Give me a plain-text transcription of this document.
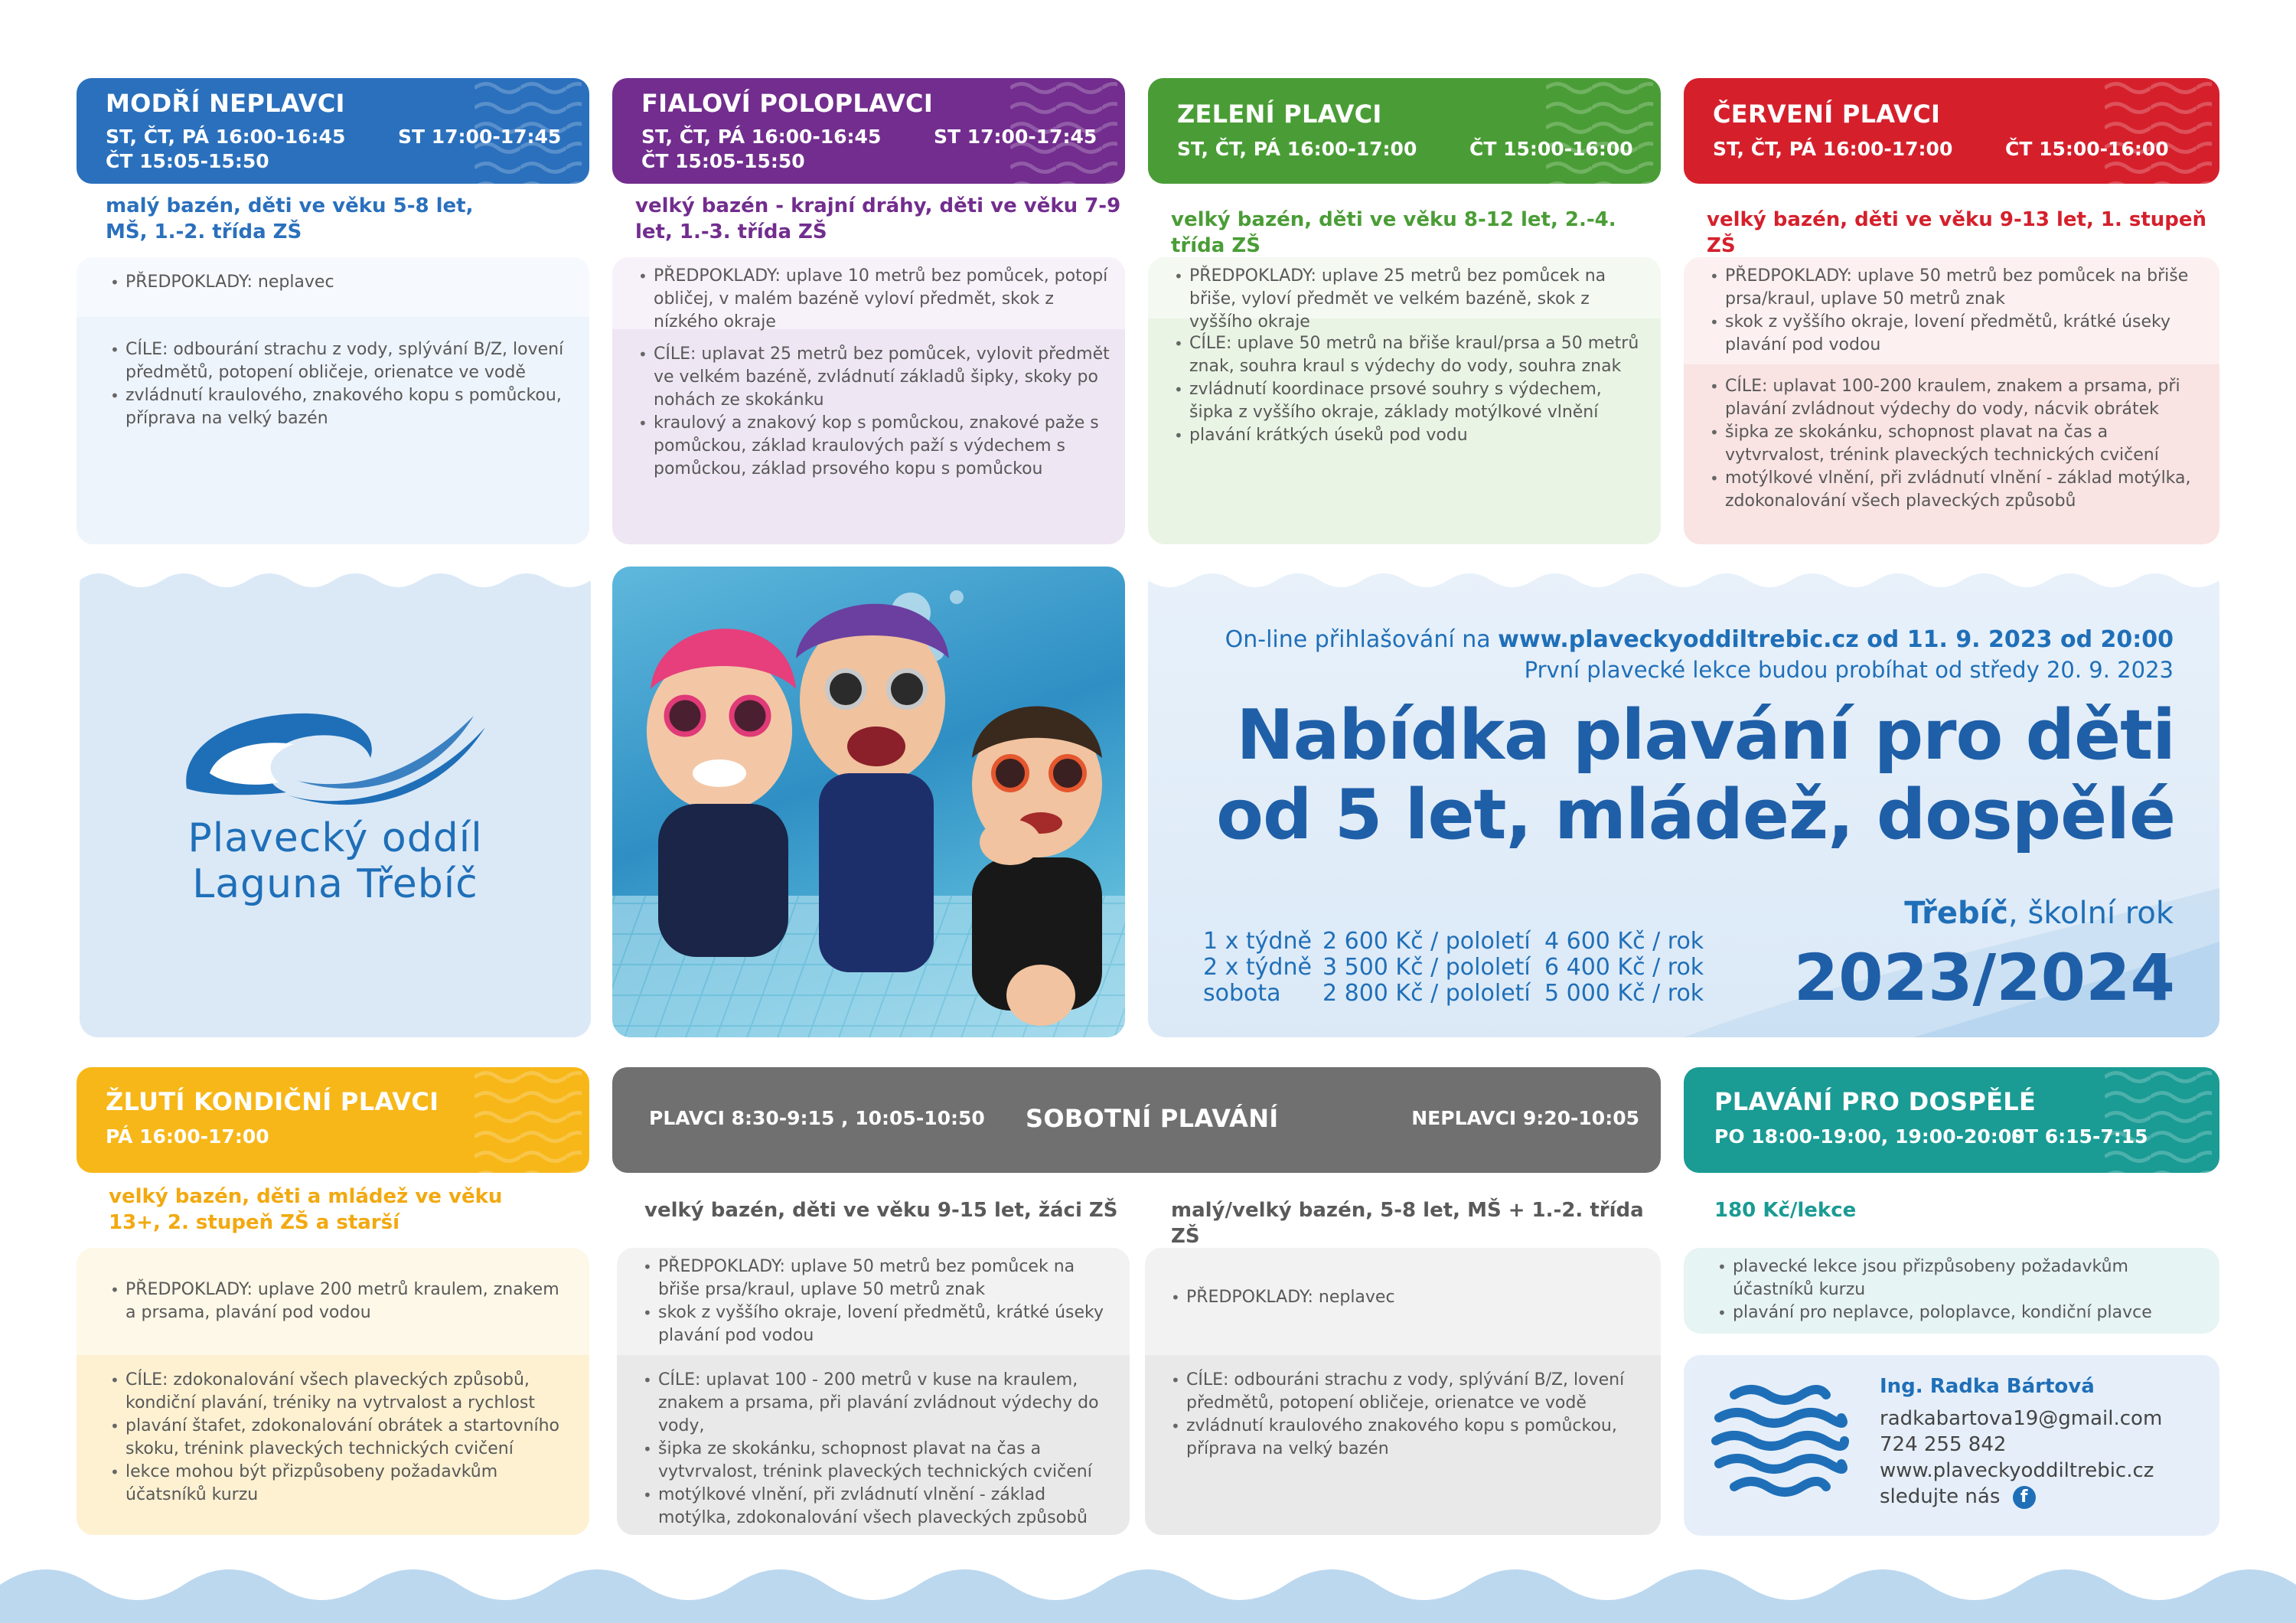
MODŘÍ NEPLAVCI
ST, ČT, PÁ 16:00-16:45
ČT 15:05-15:50
ST 17:00-17:45
malý bazén, děti ve věku 5-8 let, MŠ, 1.-2. třída ZŠ
• PŘEDPOKLADY: neplavec
• CÍLE: odbourání strachu z vody, splývání B/Z, lovení předmětů, potopení obličeje, orienatce ve vodě
• zvládnutí kraulového, znakového kopu s pomůckou, příprava na velký bazén
FIALOVÍ POLOPLAVCI
ST, ČT, PÁ 16:00-16:45
ČT 15:05-15:50
ST 17:00-17:45
velký bazén - krajní dráhy, děti ve věku 7-9 let, 1.-3. třída ZŠ
• PŘEDPOKLADY: uplave 10 metrů bez pomůcek, potopí obličej, v malém bazéně vyloví předmět, skok z nízkého okraje
• CÍLE: uplavat 25 metrů bez pomůcek, vylovit předmět ve velkém bazéně, zvládnutí základů šipky, skoky po nohách ze skokánku
• kraulový a znakový kop s pomůckou, znakové paže s pomůckou, základ kraulových paží s výdechem s pomůckou, základ prsového kopu s pomůckou
ZELENÍ PLAVCI
ST, ČT, PÁ 16:00-17:00	ČT 15:00-16:00
velký bazén, děti ve věku 8-12 let, 2.-4. třída ZŠ
• PŘEDPOKLADY: uplave 25 metrů bez pomůcek na břiše, vyloví předmět ve velkém bazéně, skok z vyššího okraje
• CÍLE: uplave 50 metrů na břiše kraul/prsa a 50 metrů znak, souhra kraul s výdechy do vody, souhra znak
• zvládnutí koordinace prsové souhry s výdechem, šipka z vyššího okraje, základy motýlkové vlnění
• plavání krátkých úseků pod vodu
ČERVENÍ PLAVCI
ST, ČT, PÁ 16:00-17:00	ČT 15:00-16:00
velký bazén, děti ve věku 9-13 let, 1. stupeň ZŠ
• PŘEDPOKLADY: uplave 50 metrů bez pomůcek na břiše prsa/kraul, uplave 50 metrů znak
• skok z vyššího okraje, lovení předmětů, krátké úseky plavání pod vodou
• CÍLE: uplavat 100-200 kraulem, znakem a prsama, při plavání zvládnout výdechy do vody, nácvik obrátek
• šipka ze skokánku, schopnost plavat na čas a vytvrvalost, trénink plaveckých technických cvičení
• motýlkové vlnění, při zvládnutí vlnění - základ motýlka, zdokonalování všech plaveckých způsobů
Plavecký oddíl
Laguna Třebíč
On-line přihlašování na www.plaveckyoddiltrebic.cz od 11. 9. 2023 od 20:00
První plavecké lekce budou probíhat od středy 20. 9. 2023
Nabídka plavání pro děti
od 5 let, mládež, dospělé
Třebíč, školní rok
2023/2024
1 x týdně 2 600 Kč / pololetí 4 600 Kč / rok
2 x týdně 3 500 Kč / pololetí 6 400 Kč / rok
sobota 2 800 Kč / pololetí 5 000 Kč / rok
ŽLUTÍ KONDIČNÍ PLAVCI
PÁ 16:00-17:00
velký bazén, děti a mládež ve věku 13+, 2. stupeň ZŠ a starší
• PŘEDPOKLADY: uplave 200 metrů kraulem, znakem a prsama, plavání pod vodou
• CÍLE: zdokonalování všech plaveckých způsobů, kondiční plavání, tréniky na vytrvalost a rychlost
• plavání štafet, zdokonalování obrátek a startovního skoku, trénink plaveckých technických cvičení
• lekce mohou být přizpůsobeny požadavkům účatsníků kurzu
PLAVCI 8:30-9:15 , 10:05-10:50 SOBOTNÍ PLAVÁNÍ	NEPLAVCI 9:20-10:05
velký bazén, děti ve věku 9-15 let, žáci ZŠ	malý/velký bazén, 5-8 let, MŠ + 1.-2. třída ZŠ
• PŘEDPOKLADY: uplave 50 metrů bez pomůcek na břiše prsa/kraul, uplave 50 metrů znak
• skok z vyššího okraje, lovení předmětů, krátké úseky plavání pod vodou
• CÍLE: uplavat 100 - 200 metrů v kuse na kraulem, znakem a prsama, při plavání zvládnout výdechy do vody,
• šipka ze skokánku, schopnost plavat na čas a vytvrvalost, trénink plaveckých technických cvičení
• motýlkové vlnění, při zvládnutí vlnění - základ motýlka, zdokonalování všech plaveckých způsobů
• PŘEDPOKLADY: neplavec
• CÍLE: odbouráni strachu z vody, splývání B/Z, lovení předmětů, potopení obličeje, orienatce ve vodě
• zvládnutí kraulového znakového kopu s pomůckou, příprava na velký bazén
PLAVÁNÍ PRO DOSPĚLÉ
PO 18:00-19:00, 19:00-20:00
ST 6:15-7:15
180 Kč/lekce
• plavecké lekce jsou přizpůsobeny požadavkům účastníků kurzu
• plavání pro neplavce, poloplavce, kondiční plavce
Ing. Radka Bártová
radkabartova19@gmail.com
724 255 842
www.plaveckyoddiltrebic.cz
sledujte nás f
